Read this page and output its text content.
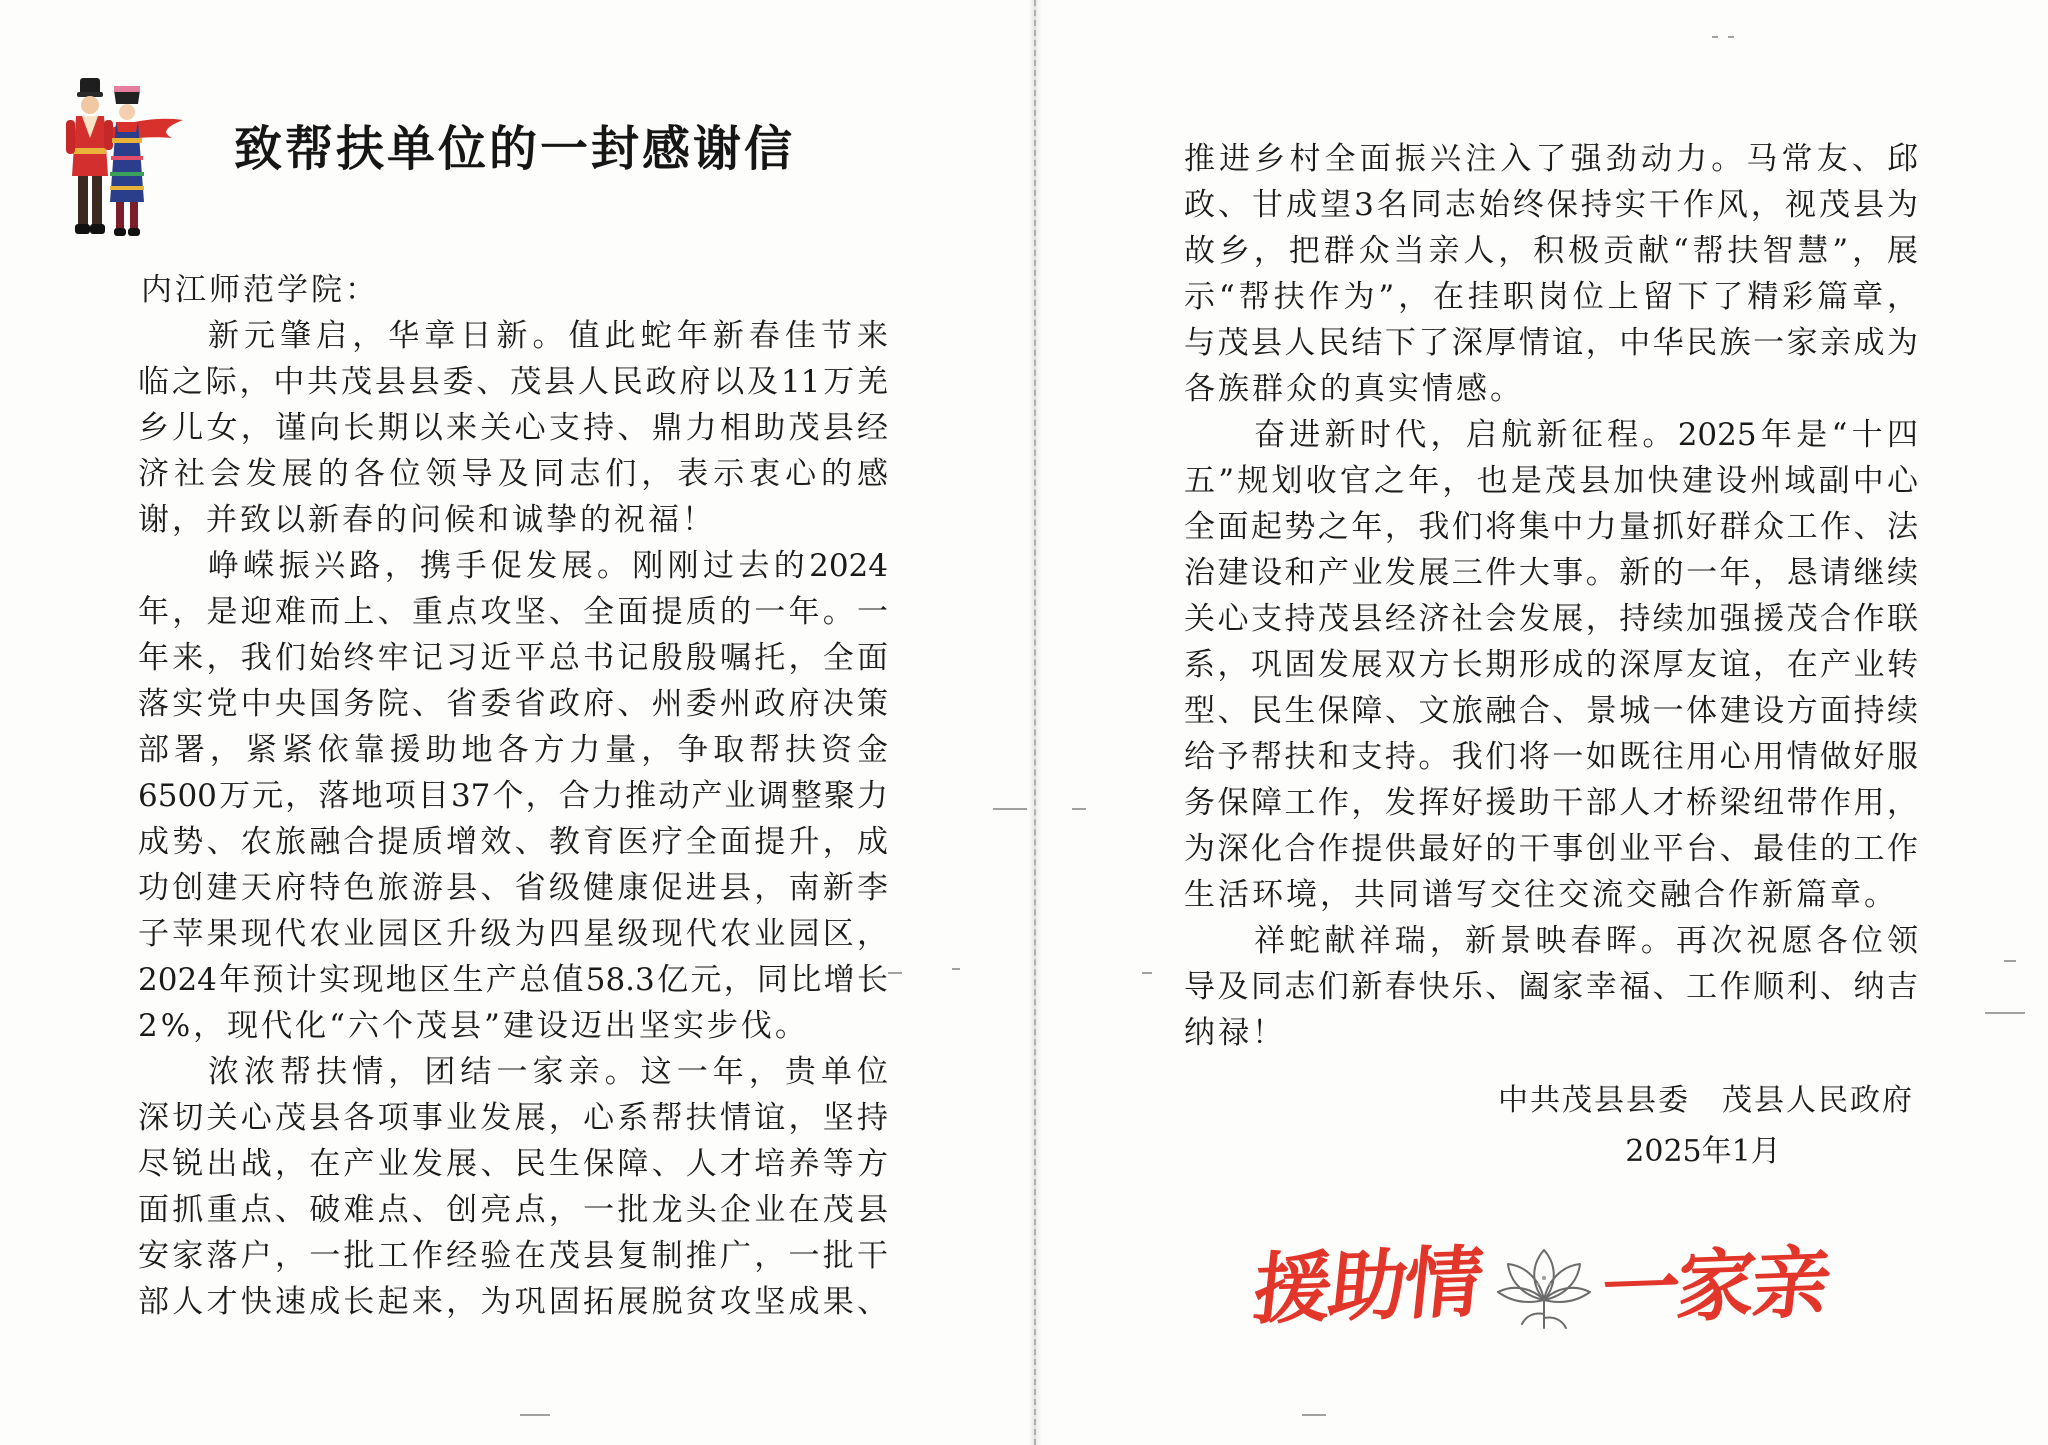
致帮扶单位的一封感谢信
内江师范学院：
新元肇启，华章日新。值此蛇年新春佳节来
临之际，中共茂县县委、茂县人民政府以及11万羌
乡儿女，谨向长期以来关心支持、鼎力相助茂县经
济社会发展的各位领导及同志们，表示衷心的感
谢，并致以新春的问候和诚挚的祝福！
峥嵘振兴路，携手促发展。刚刚过去的2024
年，是迎难而上、重点攻坚、全面提质的一年。一
年来，我们始终牢记习近平总书记殷殷嘱托，全面
落实党中央国务院、省委省政府、州委州政府决策
部署，紧紧依靠援助地各方力量，争取帮扶资金
6500万元，落地项目37个，合力推动产业调整聚力
成势、农旅融合提质增效、教育医疗全面提升，成
功创建天府特色旅游县、省级健康促进县，南新李
子苹果现代农业园区升级为四星级现代农业园区，
2024年预计实现地区生产总值58.3亿元，同比增长
2%，现代化“六个茂县”建设迈出坚实步伐。
浓浓帮扶情，团结一家亲。这一年，贵单位
深切关心茂县各项事业发展，心系帮扶情谊，坚持
尽锐出战，在产业发展、民生保障、人才培养等方
面抓重点、破难点、创亮点，一批龙头企业在茂县
安家落户，一批工作经验在茂县复制推广，一批干
部人才快速成长起来，为巩固拓展脱贫攻坚成果、
推进乡村全面振兴注入了强劲动力。马常友、邱
政、甘成望3名同志始终保持实干作风，视茂县为
故乡，把群众当亲人，积极贡献“帮扶智慧”，展
示“帮扶作为”，在挂职岗位上留下了精彩篇章，
与茂县人民结下了深厚情谊，中华民族一家亲成为
各族群众的真实情感。
奋进新时代，启航新征程。2025年是“十四
五”规划收官之年，也是茂县加快建设州域副中心
全面起势之年，我们将集中力量抓好群众工作、法
治建设和产业发展三件大事。新的一年，恳请继续
关心支持茂县经济社会发展，持续加强援茂合作联
系，巩固发展双方长期形成的深厚友谊，在产业转
型、民生保障、文旅融合、景城一体建设方面持续
给予帮扶和支持。我们将一如既往用心用情做好服
务保障工作，发挥好援助干部人才桥梁纽带作用，
为深化合作提供最好的干事创业平台、最佳的工作
生活环境，共同谱写交往交流交融合作新篇章。
祥蛇献祥瑞，新景映春晖。再次祝愿各位领
导及同志们新春快乐、阖家幸福、工作顺利、纳吉
纳禄！
中共茂县县委　茂县人民政府
2025年1月
援助情 一家亲
